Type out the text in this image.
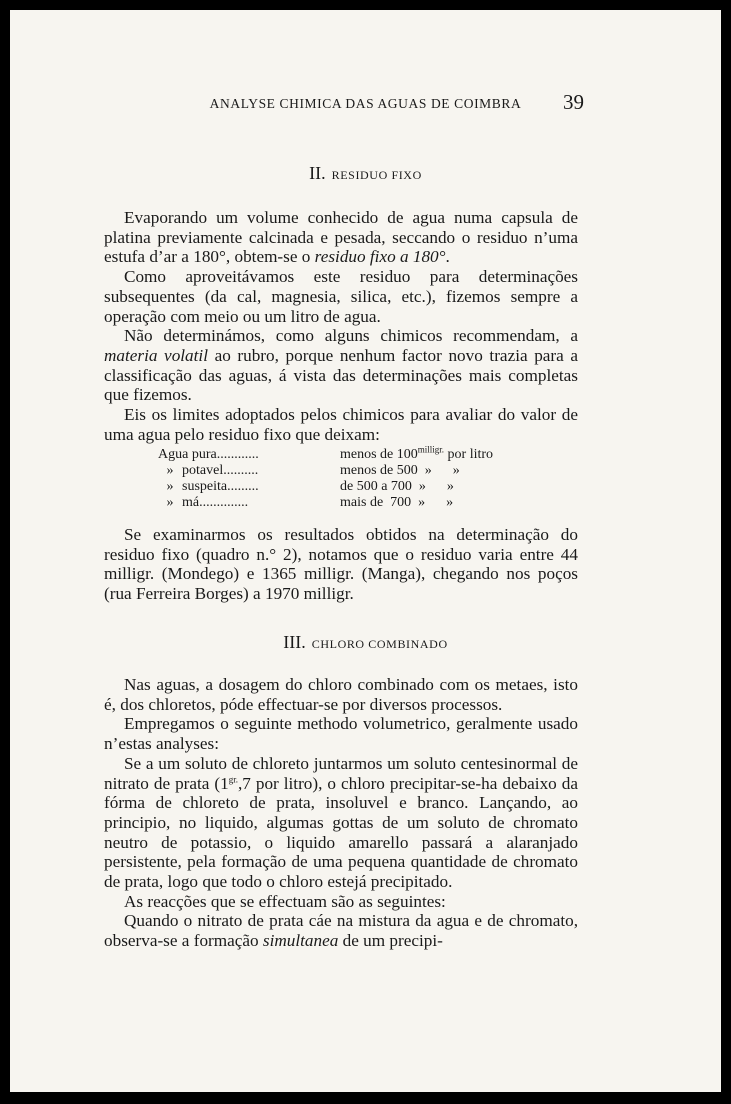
ANALYSE CHIMICA DAS AGUAS DE COIMBRA	39
II. RESIDUO FIXO

Evaporando um volume conhecido de agua numa capsula de platina previamente calcinada e pesada, seccando o residuo n’uma estufa d’ar a 180°, obtem-se o residuo fixo a 180°.

Como aproveitávamos este residuo para determinações subsequentes (da cal, magnesia, silica, etc.), fizemos sempre a operação com meio ou um litro de agua.

Não determinámos, como alguns chimicos recommendam, a materia volatil ao rubro, porque nenhum factor novo trazia para a classificação das aguas, á vista das determinações mais completas que fizemos.

Eis os limites adoptados pelos chimicos para avaliar do valor de uma agua pelo residuo fixo que deixam:

Agua pura............	menos de $100^{milligr.}$ por litro
» potavel..........	menos de 500  »      »
» suspeita.........	de 500 a 700  »      »
» má..............	mais de  700  »      »

Se examinarmos os resultados obtidos na determinação do residuo fixo (quadro n.° 2), notamos que o residuo varia entre 44 milligr. (Mondego) e 1365 milligr. (Manga), chegando nos poços (rua Ferreira Borges) a 1970 milligr.

III. CHLORO COMBINADO

Nas aguas, a dosagem do chloro combinado com os metaes, isto é, dos chloretos, póde effectuar-se por diversos processos.

Empregamos o seguinte methodo volumetrico, geralmente usado n’estas analyses:

Se a um soluto de chloreto juntarmos um soluto centesinormal de nitrato de prata ($1^{gr.},7$ por litro), o chloro precipitar-se-ha debaixo da fórma de chloreto de prata, insoluvel e branco. Lançando, ao principio, no liquido, algumas gottas de um soluto de chromato neutro de potassio, o liquido amarello passará a alaranjado persistente, pela formação de uma pequena quantidade de chromato de prata, logo que todo o chloro estejá precipitado.

As reacções que se effectuam são as seguintes:

Quando o nitrato de prata cáe na mistura da agua e de chromato, observa-se a formação simultanea de um precipi-
